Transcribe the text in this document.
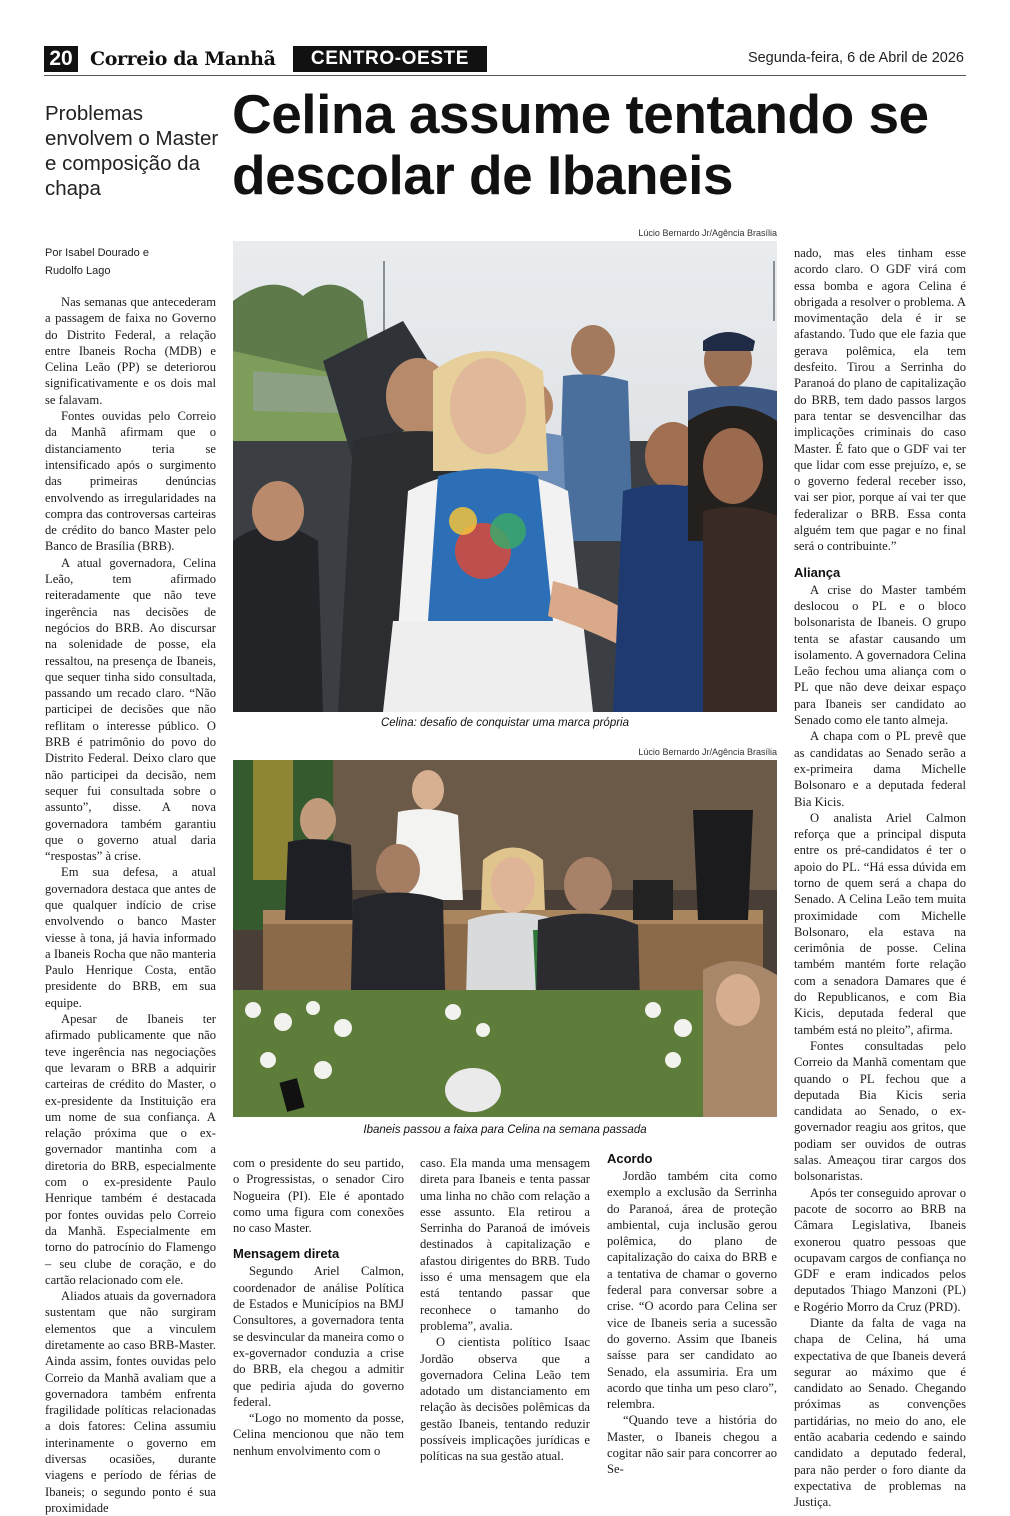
20 Correio da Manhã	CENTRO-OESTE	Segunda-feira, 6 de Abril de 2026
Problemas envolvem o Master e composição da chapa
Celina assume tentando se descolar de Ibaneis
Por Isabel Dourado e
Rudolfo Lago
Lúcio Bernardo Jr/Agência Brasília
Celina: desafio de conquistar uma marca própria
Lúcio Bernardo Jr/Agência Brasília
Ibaneis passou a faixa para Celina na semana passada

Nas semanas que antecederam a passagem de faixa no Governo do Distrito Federal, a relação entre Ibaneis Rocha (MDB) e Celina Leão (PP) se deteriorou significativamente e os dois mal se falavam.

Fontes ouvidas pelo Correio da Manhã afirmam que o distanciamento teria se intensificado após o surgimento das primeiras denúncias envolvendo as irregularidades na compra das controversas carteiras de crédito do banco Master pelo Banco de Brasília (BRB).

A atual governadora, Celina Leão, tem afirmado reiteradamente que não teve ingerência nas decisões de negócios do BRB. Ao discursar na solenidade de posse, ela ressaltou, na presença de Ibaneis, que sequer tinha sido consultada, passando um recado claro. “Não participei de decisões que não reflitam o interesse público. O BRB é patrimônio do povo do Distrito Federal. Deixo claro que não participei da decisão, nem sequer fui consultada sobre o assunto”, disse. A nova governadora também garantiu que o governo atual daria “respostas” à crise.

Em sua defesa, a atual governadora destaca que antes de que qualquer indício de crise envolvendo o banco Master viesse à tona, já havia informado a Ibaneis Rocha que não manteria Paulo Henrique Costa, então presidente do BRB, em sua equipe.

Apesar de Ibaneis ter afirmado publicamente que não teve ingerência nas negociações que levaram o BRB a adquirir carteiras de crédito do Master, o ex-presidente da Instituição era um nome de sua confiança. A relação próxima que o ex-governador mantinha com a diretoria do BRB, especialmente com o ex-presidente Paulo Henrique também é destacada por fontes ouvidas pelo Correio da Manhã. Especialmente em torno do patrocínio do Flamengo – seu clube de coração, e do cartão relacionado com ele.

Aliados atuais da governadora sustentam que não surgiram elementos que a vinculem diretamente ao caso BRB-Master. Ainda assim, fontes ouvidas pelo Correio da Manhã avaliam que a governadora também enfrenta fragilidade políticas relacionadas a dois fatores: Celina assumiu interinamente o governo em diversas ocasiões, durante viagens e período de férias de Ibaneis; o segundo ponto é sua proximidade

com o presidente do seu partido, o Progressistas, o senador Ciro Nogueira (PI). Ele é apontado como uma figura com conexões no caso Master.

Mensagem direta

Segundo Ariel Calmon, coordenador de análise Política de Estados e Municípios na BMJ Consultores, a governadora tenta se desvincular da maneira como o ex-governador conduzia a crise do BRB, ela chegou a admitir que pediria ajuda do governo federal.

“Logo no momento da posse, Celina mencionou que não tem nenhum envolvimento com o

caso. Ela manda uma mensagem direta para Ibaneis e tenta passar uma linha no chão com relação a esse assunto. Ela retirou a Serrinha do Paranoá de imóveis destinados à capitalização e afastou dirigentes do BRB. Tudo isso é uma mensagem que ela está tentando passar que reconhece o tamanho do problema”, avalia.

O cientista político Isaac Jordão observa que a governadora Celina Leão tem adotado um distanciamento em relação às decisões polêmicas da gestão Ibaneis, tentando reduzir possíveis implicações jurídicas e políticas na sua gestão atual.

Acordo

Jordão também cita como exemplo a exclusão da Serrinha do Paranoá, área de proteção ambiental, cuja inclusão gerou polêmica, do plano de capitalização do caixa do BRB e a tentativa de chamar o governo federal para conversar sobre a crise. “O acordo para Celina ser vice de Ibaneis seria a sucessão do governo. Assim que Ibaneis saísse para ser candidato ao Senado, ela assumiria. Era um acordo que tinha um peso claro”, relembra.

“Quando teve a história do Master, o Ibaneis chegou a cogitar não sair para concorrer ao Se-

nado, mas eles tinham esse acordo claro. O GDF virá com essa bomba e agora Celina é obrigada a resolver o problema. A movimentação dela é ir se afastando. Tudo que ele fazia que gerava polêmica, ela tem desfeito. Tirou a Serrinha do Paranoá do plano de capitalização do BRB, tem dado passos largos para tentar se desvencilhar das implicações criminais do caso Master. É fato que o GDF vai ter que lidar com esse prejuízo, e, se o governo federal receber isso, vai ser pior, porque aí vai ter que federalizar o BRB. Essa conta alguém tem que pagar e no final será o contribuinte.”

Aliança

A crise do Master também deslocou o PL e o bloco bolsonarista de Ibaneis. O grupo tenta se afastar causando um isolamento. A governadora Celina Leão fechou uma aliança com o PL que não deve deixar espaço para Ibaneis ser candidato ao Senado como ele tanto almeja.

A chapa com o PL prevê que as candidatas ao Senado serão a ex-primeira dama Michelle Bolsonaro e a deputada federal Bia Kicis.

O analista Ariel Calmon reforça que a principal disputa entre os pré-candidatos é ter o apoio do PL. “Há essa dúvida em torno de quem será a chapa do Senado. A Celina Leão tem muita proximidade com Michelle Bolsonaro, ela estava na cerimônia de posse. Celina também mantém forte relação com a senadora Damares que é do Republicanos, e com Bia Kicis, deputada federal que também está no pleito”, afirma.

Fontes consultadas pelo Correio da Manhã comentam que quando o PL fechou que a deputada Bia Kicis seria candidata ao Senado, o ex-governador reagiu aos gritos, que podiam ser ouvidos de outras salas. Ameaçou tirar cargos dos bolsonaristas.

Após ter conseguido aprovar o pacote de socorro ao BRB na Câmara Legislativa, Ibaneis exonerou quatro pessoas que ocupavam cargos de confiança no GDF e eram indicados pelos deputados Thiago Manzoni (PL) e Rogério Morro da Cruz (PRD).

Diante da falta de vaga na chapa de Celina, há uma expectativa de que Ibaneis deverá segurar ao máximo que é candidato ao Senado. Chegando próximas as convenções partidárias, no meio do ano, ele então acabaria cedendo e saindo candidato a deputado federal, para não perder o foro diante da expectativa de problemas na Justiça.
